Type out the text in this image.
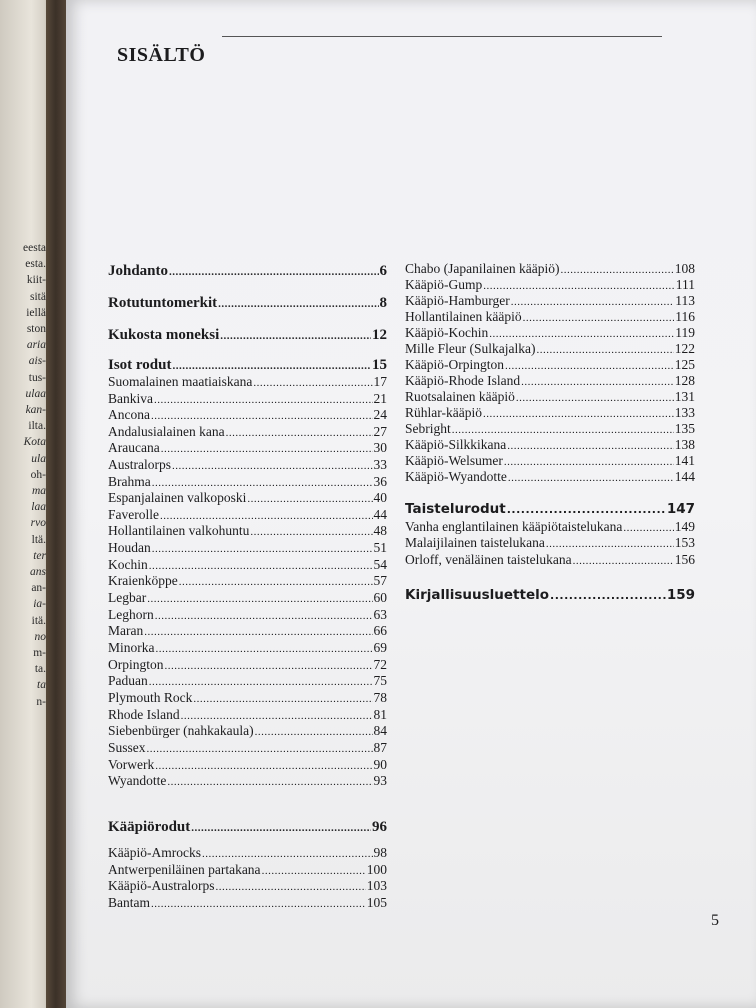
eesta
esta.
kiit-
sitä
iellä
ston
aria
ais-
tus-
ulaa
kan-
ilta.
Kota
ula
oh-
ma
laa
rvo
ltä.
ter
ans
an-
ia-
itä.
no
m-
ta.
ta
n-
SISÄLTÖ
Johdanto .....	6
Rotutuntomerkit .....	8
Kukosta moneksi .....	12
Isot rodut .....	15
Suomalainen maatiaiskana .....	17
Bankiva .....	21
Ancona .....	24
Andalusialainen kana .....	27
Araucana .....	30
Australorps .....	33
Brahma .....	36
Espanjalainen valkoposki .....	40
Faverolle .....	44
Hollantilainen valkohuntu .....	48
Houdan .....	51
Kochin .....	54
Kraienköppe .....	57
Legbar .....	60
Leghorn .....	63
Maran .....	66
Minorka .....	69
Orpington .....	72
Paduan .....	75
Plymouth Rock .....	78
Rhode Island .....	81
Siebenbürger (nahkakaula) .....	84
Sussex .....	87
Vorwerk .....	90
Wyandotte .....	93
Kääpiörodut .....	96
Kääpiö-Amrocks .....	98
Antwerpeniläinen partakana .....	100
Kääpiö-Australorps .....	103
Bantam .....	105
Chabo (Japanilainen kääpiö) .....	108
Kääpiö-Gump .....	111
Kääpiö-Hamburger .....	113
Hollantilainen kääpiö .....	116
Kääpiö-Kochin .....	119
Mille Fleur (Sulkajalka) .....	122
Kääpiö-Orpington .....	125
Kääpiö-Rhode Island .....	128
Ruotsalainen kääpiö .....	131
Rühlar-kääpiö .....	133
Sebright .....	135
Kääpiö-Silkkikana .....	138
Kääpiö-Welsumer .....	141
Kääpiö-Wyandotte .....	144
Taistelurodut .....	147
Vanha englantilainen kääpiötaistelukana .....	149
Malaijilainen taistelukana .....	153
Orloff, venäläinen taistelukana .....	156
Kirjallisuusluettelo .....	159
5
